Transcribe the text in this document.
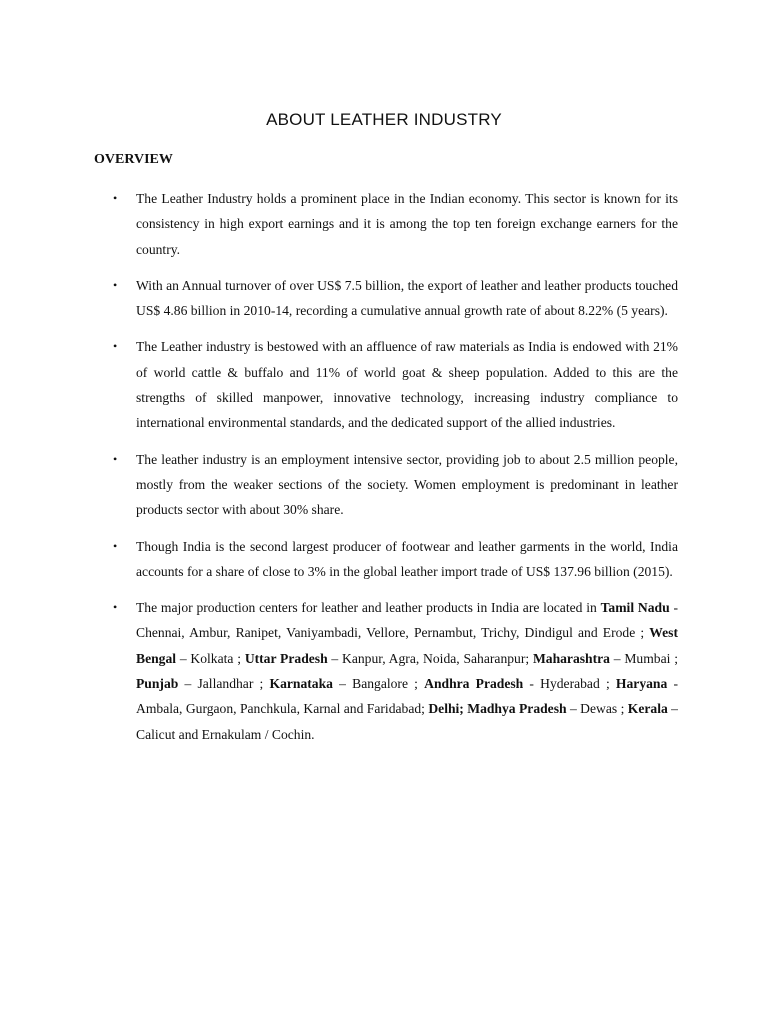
ABOUT LEATHER INDUSTRY
OVERVIEW
• The Leather Industry holds a prominent place in the Indian economy. This sector is known for its consistency in high export earnings and it is among the top ten foreign exchange earners for the country.
• With an Annual turnover of over US$ 7.5 billion, the export of leather and leather products touched US$ 4.86 billion in 2010-14, recording a cumulative annual growth rate of about 8.22% (5 years).
• The Leather industry is bestowed with an affluence of raw materials as India is endowed with 21% of world cattle & buffalo and 11% of world goat & sheep population. Added to this are the strengths of skilled manpower, innovative technology, increasing industry compliance to international environmental standards, and the dedicated support of the allied industries.
• The leather industry is an employment intensive sector, providing job to about 2.5 million people, mostly from the weaker sections of the society. Women employment is predominant in leather products sector with about 30% share.
• Though India is the second largest producer of footwear and leather garments in the world, India accounts for a share of close to 3% in the global leather import trade of US$ 137.96 billion (2015).
• The major production centers for leather and leather products in India are located in Tamil Nadu - Chennai, Ambur, Ranipet, Vaniyambadi, Vellore, Pernambut, Trichy, Dindigul and Erode ; West Bengal – Kolkata ; Uttar Pradesh – Kanpur, Agra, Noida, Saharanpur; Maharashtra – Mumbai ; Punjab – Jallandhar ; Karnataka – Bangalore ; Andhra Pradesh - Hyderabad ; Haryana - Ambala, Gurgaon, Panchkula, Karnal and Faridabad; Delhi; Madhya Pradesh – Dewas ; Kerala – Calicut and Ernakulam / Cochin.
